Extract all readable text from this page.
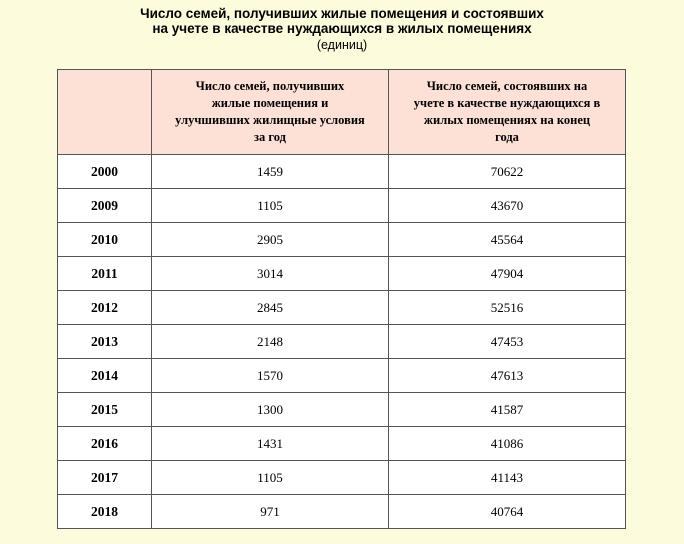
Число семей, получивших жилые помещения и состоявших
на учете в качестве нуждающихся в жилых помещениях
(единиц)
	Число семей, получивших жилые помещения и улучшивших жилищные условия за год	Число семей, состоявших на учете в качестве нуждающихся в жилых помещениях на конец года
2000	1459	70622
2009	1105	43670
2010	2905	45564
2011	3014	47904
2012	2845	52516
2013	2148	47453
2014	1570	47613
2015	1300	41587
2016	1431	41086
2017	1105	41143
2018	971	40764
